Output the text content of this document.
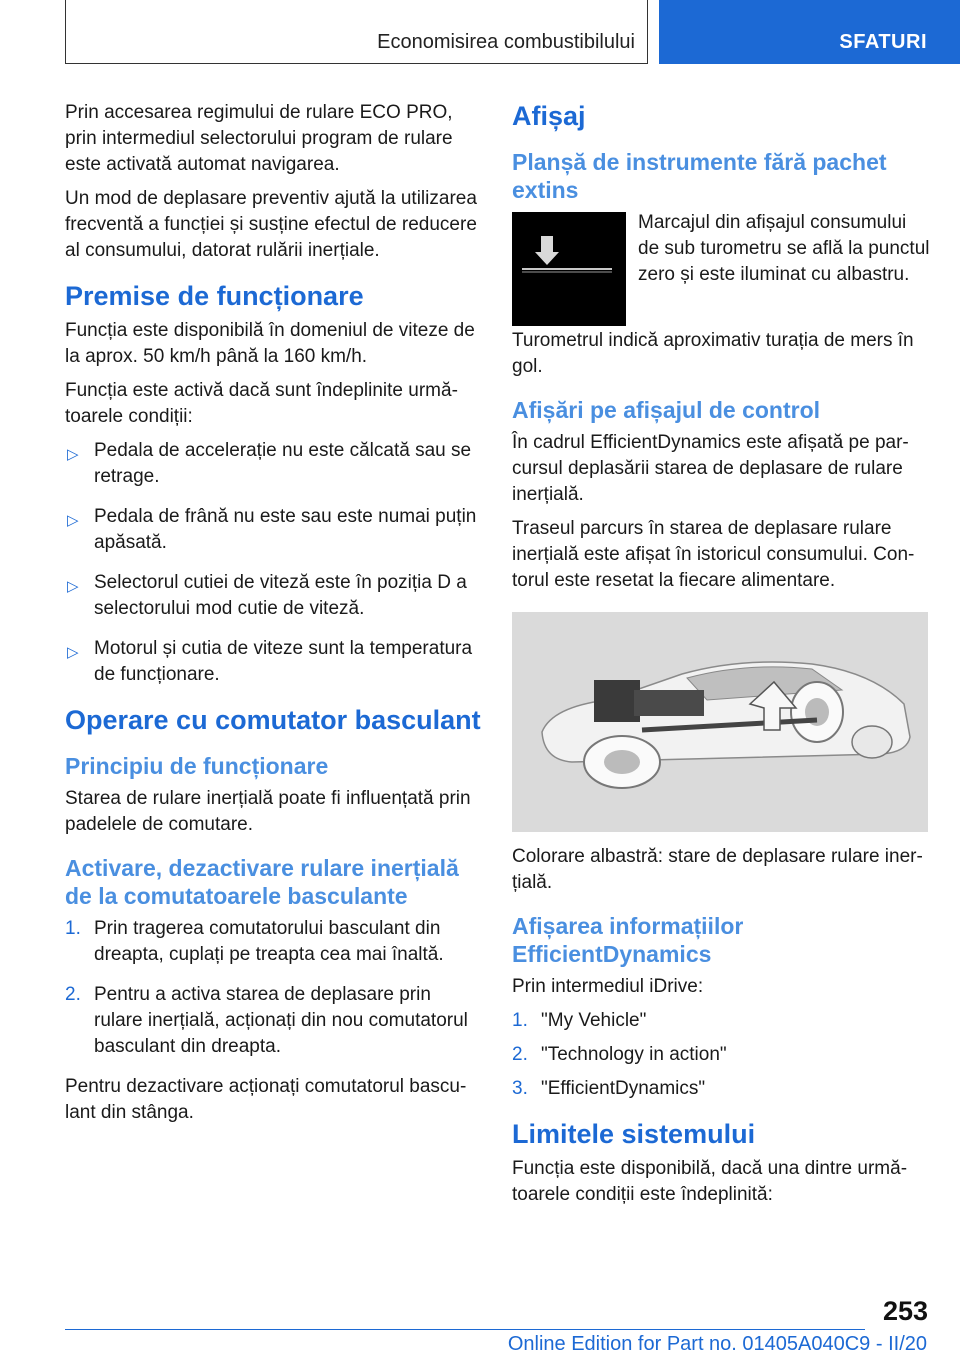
Economisirea combustibilului	SFATURI

Prin accesarea regimului de rulare ECO PRO, prin intermediul selectorului program de rulare este activată automat navigarea.

Un mod de deplasare preventiv ajută la utilizarea frecventă a funcției și susține efectul de reducere al consumului, datorat rulării inerțiale.

Premise de funcționare

Funcția este disponibilă în domeniul de viteze de la aprox. 50 km/h până la 160 km/h.

Funcția este activă dacă sunt îndeplinite următoarele condiții:

▷ Pedala de accelerație nu este călcată sau se retrage.
▷ Pedala de frână nu este sau este numai puțin apăsată.
▷ Selectorul cutiei de viteză este în poziția D a selectorului mod cutie de viteză.
▷ Motorul și cutia de viteze sunt la temperatura de funcționare.
Operare cu comutator basculant
Principiu de funcționare

Starea de rulare inerțială poate fi influențată prin padelele de comutare.

Activare, dezactivare rulare inerțială de la comutatoarele basculante
1. Prin tragerea comutatorului basculant din dreapta, cuplați pe treapta cea mai înaltă.
2. Pentru a activa starea de deplasare prin rulare inerțială, acționați din nou comutatorul basculant din dreapta.

Pentru dezactivare acționați comutatorul basculant din stânga.

Afișaj
Planșă de instrumente fără pachet extins

Marcajul din afișajul consumului de sub turometru se află la punctul zero și este iluminat cu albastru.

Turometrul indică aproximativ turația de mers în gol.

Afișări pe afișajul de control

În cadrul EfficientDynamics este afișată pe parcursul deplasării starea de deplasare de rulare inerțială.

Traseul parcurs în starea de deplasare rulare inerțială este afișat în istoricul consumului. Contorul este resetat la fiecare alimentare.

Colorare albastră: stare de deplasare rulare inerțială.

Afișarea informațiilor EfficientDynamics

Prin intermediul iDrive:

1. "My Vehicle"
2. "Technology in action"
3. "EfficientDynamics"
Limitele sistemului

Funcția este disponibilă, dacă una dintre următoarele condiții este îndeplinită:

253
Online Edition for Part no. 01405A040C9 - II/20
